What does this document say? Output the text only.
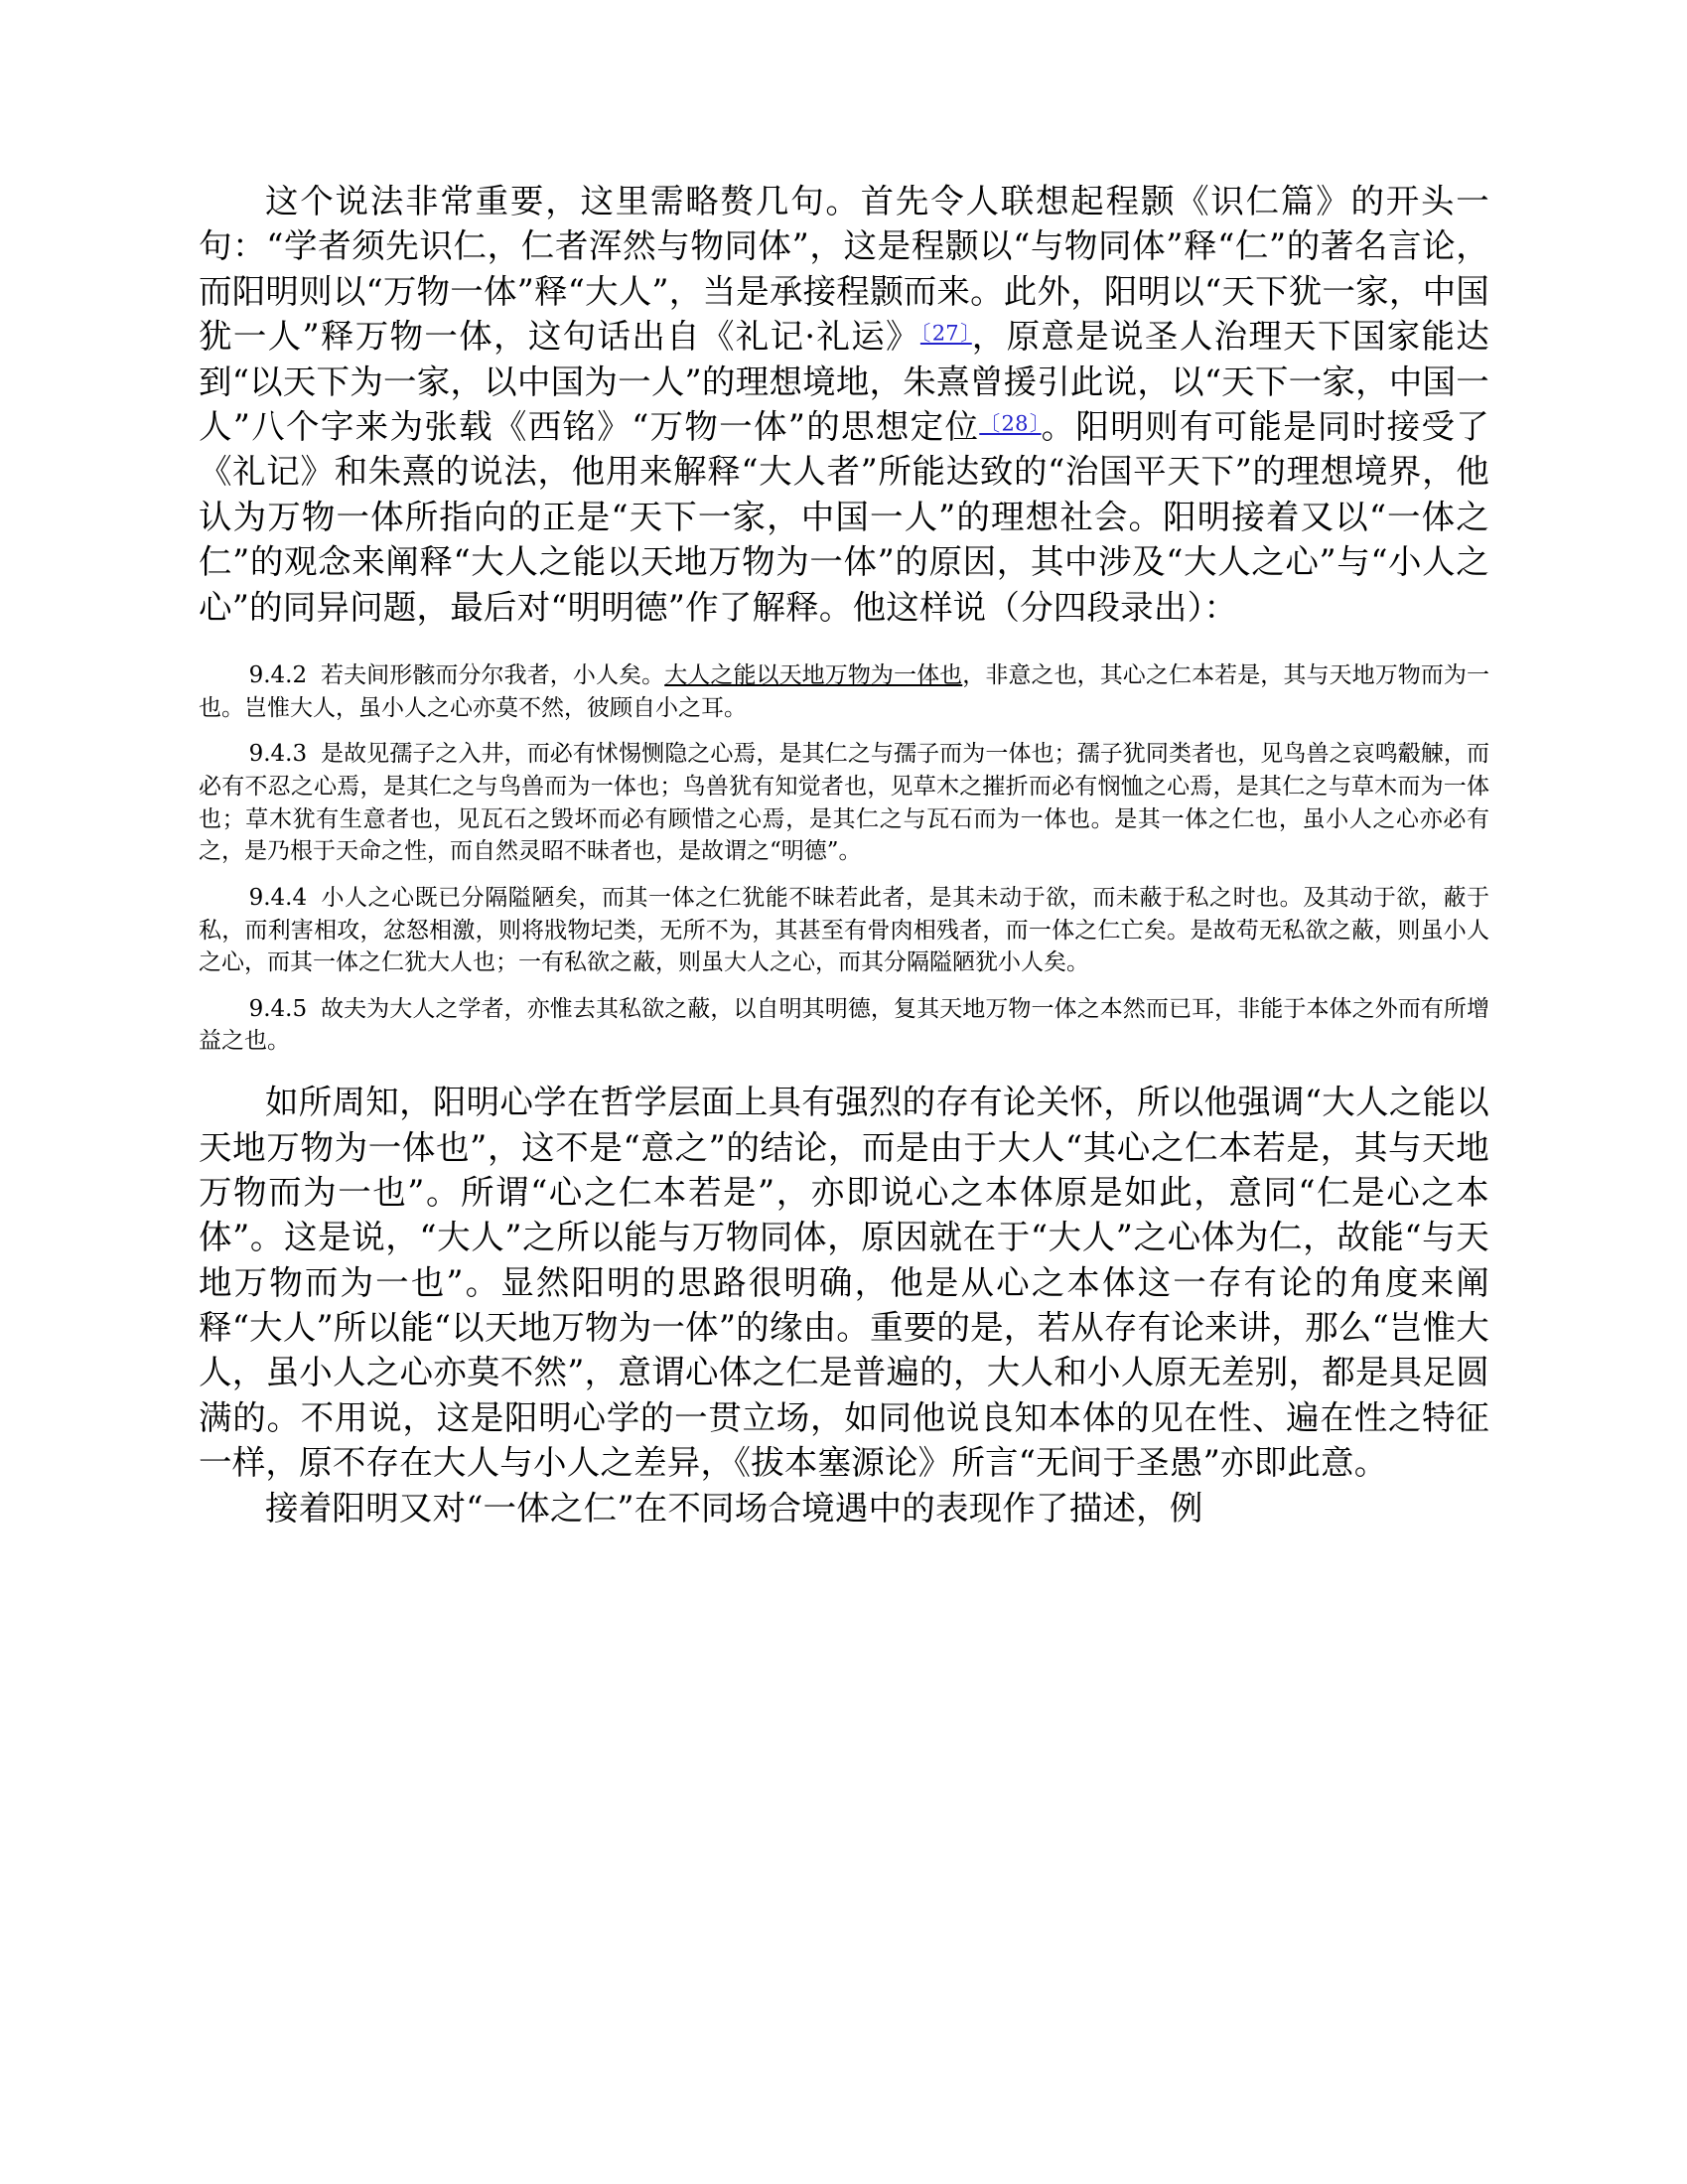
这个说法非常重要，这里需略赘几句。首先令人联想起程颢《识仁篇》的开头一句：“学者须先识仁，仁者浑然与物同体”，这是程颢以“与物同体”释“仁”的著名言论，而阳明则以“万物一体”释“大人”，当是承接程颢而来。此外，阳明以“天下犹一家，中国犹一人”释万物一体，这句话出自《礼记·礼运》$^{〔27〕}$，原意是说圣人治理天下国家能达到“以天下为一家，以中国为一人”的理想境地，朱熹曾援引此说，以“天下一家，中国一人”八个字来为张载《西铭》“万物一体”的思想定位$^{〔28〕}$。阳明则有可能是同时接受了《礼记》和朱熹的说法，他用来解释“大人者”所能达致的“治国平天下”的理想境界，他认为万物一体所指向的正是“天下一家，中国一人”的理想社会。阳明接着又以“一体之仁”的观念来阐释“大人之能以天地万物为一体”的原因，其中涉及“大人之心”与“小人之心”的同异问题，最后对“明明德”作了解释。他这样说（分四段录出）：

9.4.2 若夫间形骸而分尔我者，小人矣。大人之能以天地万物为一体也，非意之也，其心之仁本若是，其与天地万物而为一也。岂惟大人，虽小人之心亦莫不然，彼顾自小之耳。

9.4.3 是故见孺子之入井，而必有怵惕恻隐之心焉，是其仁之与孺子而为一体也；孺子犹同类者也，见鸟兽之哀鸣觳觫，而必有不忍之心焉，是其仁之与鸟兽而为一体也；鸟兽犹有知觉者也，见草木之摧折而必有悯恤之心焉，是其仁之与草木而为一体也；草木犹有生意者也，见瓦石之毁坏而必有顾惜之心焉，是其仁之与瓦石而为一体也。是其一体之仁也，虽小人之心亦必有之，是乃根于天命之性，而自然灵昭不昧者也，是故谓之“明德”。

9.4.4 小人之心既已分隔隘陋矣，而其一体之仁犹能不昧若此者，是其未动于欲，而未蔽于私之时也。及其动于欲，蔽于私，而利害相攻，忿怒相激，则将戕物圮类，无所不为，其甚至有骨肉相残者，而一体之仁亡矣。是故苟无私欲之蔽，则虽小人之心，而其一体之仁犹大人也；一有私欲之蔽，则虽大人之心，而其分隔隘陋犹小人矣。

9.4.5 故夫为大人之学者，亦惟去其私欲之蔽，以自明其明德，复其天地万物一体之本然而已耳，非能于本体之外而有所增益之也。

如所周知，阳明心学在哲学层面上具有强烈的存有论关怀，所以他强调“大人之能以天地万物为一体也”，这不是“意之”的结论，而是由于大人“其心之仁本若是，其与天地万物而为一也”。所谓“心之仁本若是”，亦即说心之本体原是如此，意同“仁是心之本体”。这是说，“大人”之所以能与万物同体，原因就在于“大人”之心体为仁，故能“与天地万物而为一也”。显然阳明的思路很明确，他是从心之本体这一存有论的角度来阐释“大人”所以能“以天地万物为一体”的缘由。重要的是，若从存有论来讲，那么“岂惟大人，虽小人之心亦莫不然”，意谓心体之仁是普遍的，大人和小人原无差别，都是具足圆满的。不用说，这是阳明心学的一贯立场，如同他说良知本体的见在性、遍在性之特征一样，原不存在大人与小人之差异，《拔本塞源论》所言“无间于圣愚”亦即此意。

接着阳明又对“一体之仁”在不同场合境遇中的表现作了描述，例
